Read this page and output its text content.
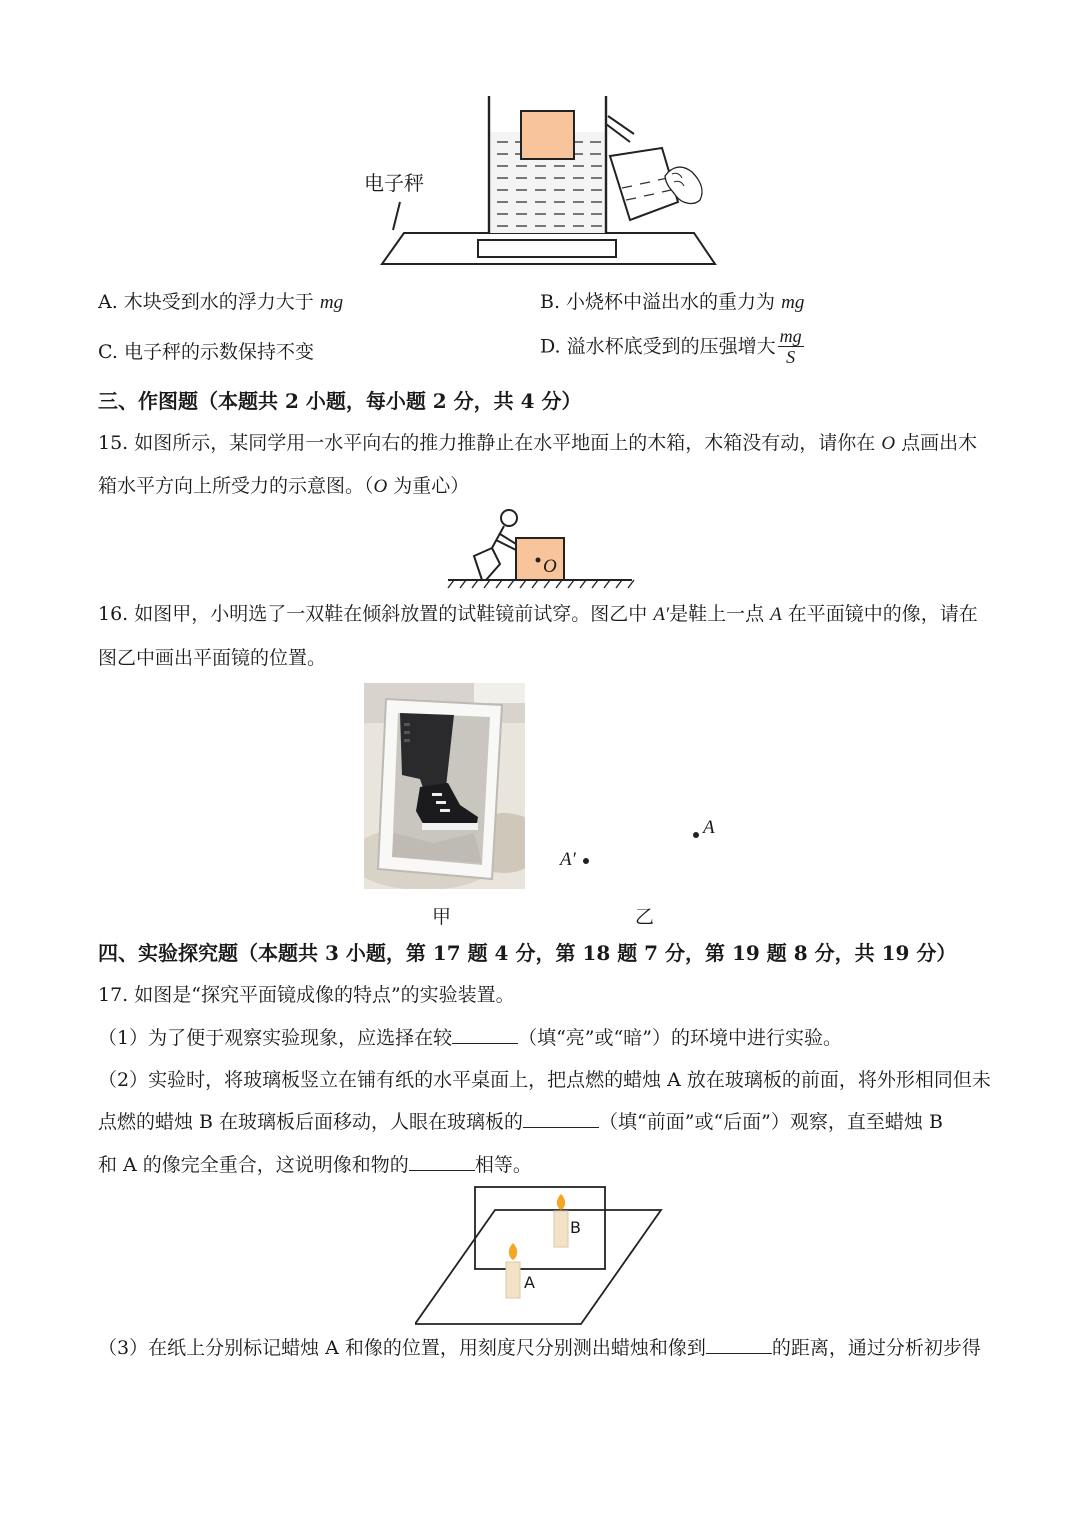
电子秤
A. 木块受到水的浮力大于 mg	B. 小烧杯中溢出水的重力为 mg
C. 电子秤的示数保持不变	D. 溢水杯底受到的压强增大 $\frac{mg}{S}$
三、作图题（本题共 2 小题，每小题 2 分，共 4 分）
15. 如图所示，某同学用一水平向右的推力推静止在水平地面上的木箱，木箱没有动，请你在 O 点画出木
箱水平方向上所受力的示意图。（O 为重心）
O
16. 如图甲，小明选了一双鞋在倾斜放置的试鞋镜前试穿。图乙中 A′是鞋上一点 A 在平面镜中的像，请在
图乙中画出平面镜的位置。
A
A′
甲	乙
四、实验探究题（本题共 3 小题，第 17 题 4 分，第 18 题 7 分，第 19 题 8 分，共 19 分）
17. 如图是“探究平面镜成像的特点”的实验装置。
（1）为了便于观察实验现象，应选择在较	（填“亮”或“暗”）的环境中进行实验。
（2）实验时，将玻璃板竖立在铺有纸的水平桌面上，把点燃的蜡烛 A 放在玻璃板的前面，将外形相同但未
点燃的蜡烛 B 在玻璃板后面移动，人眼在玻璃板的	（填“前面”或“后面”）观察，直至蜡烛 B
和 A 的像完全重合，这说明像和物的	相等。
B
A
（3）在纸上分别标记蜡烛 A 和像的位置，用刻度尺分别测出蜡烛和像到	的距离，通过分析初步得
